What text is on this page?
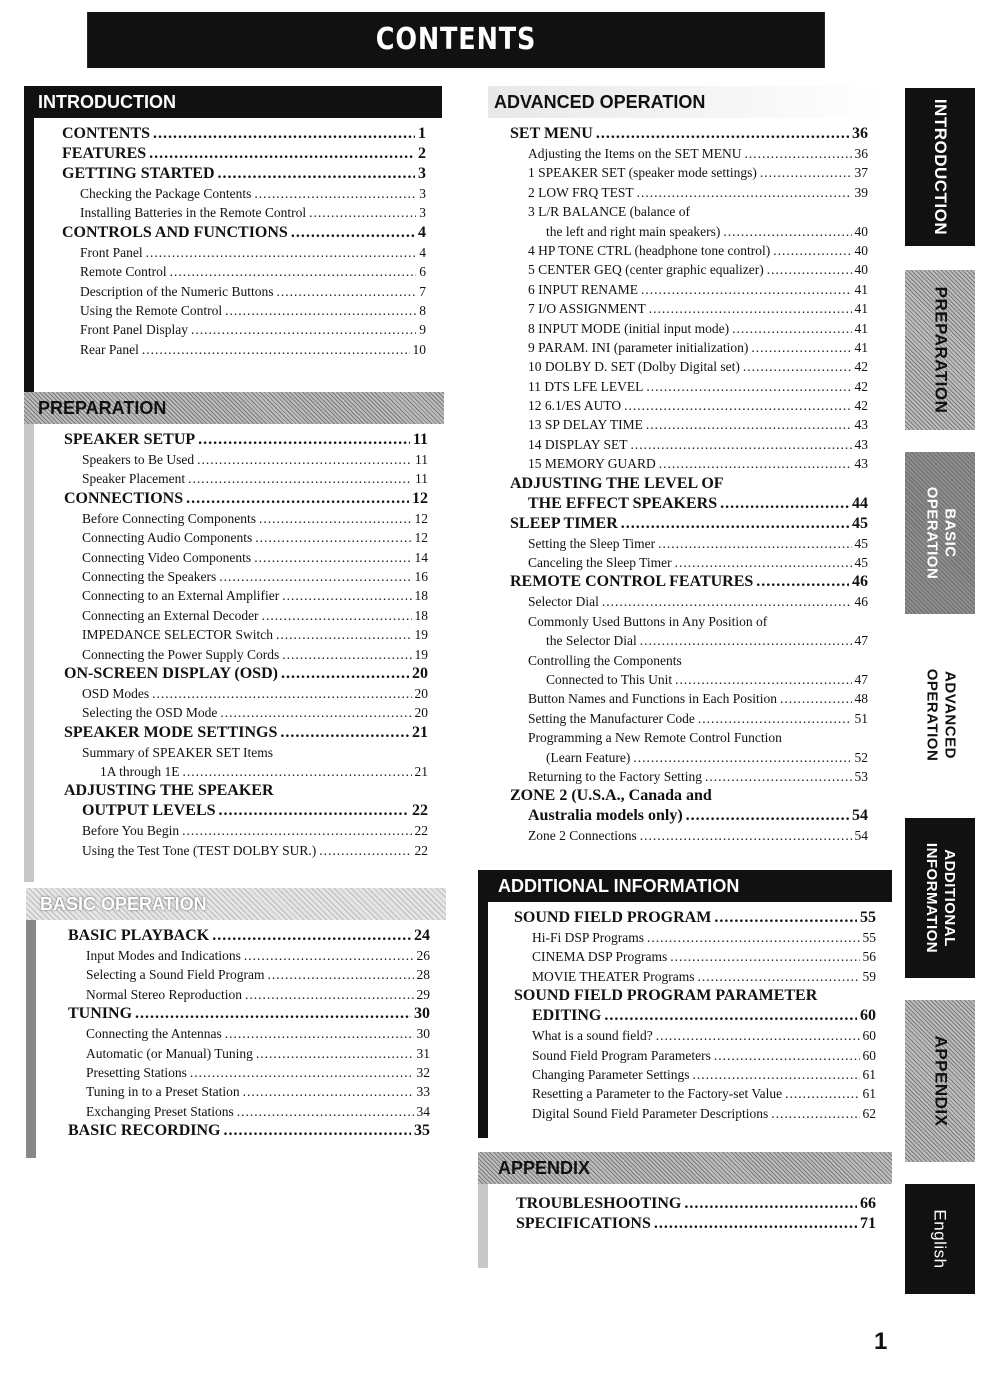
CONTENTS
INTRODUCTION
CONTENTS .....	1
FEATURES .....	2
GETTING STARTED .....	3
Checking the Package Contents .....	3
Installing Batteries in the Remote Control .....	3
CONTROLS AND FUNCTIONS .....	4
Front Panel .....	4
Remote Control .....	6
Description of the Numeric Buttons .....	7
Using the Remote Control .....	8
Front Panel Display .....	9
Rear Panel .....	10
PREPARATION
SPEAKER SETUP .....	11
Speakers to Be Used .....	11
Speaker Placement .....	11
CONNECTIONS .....	12
Before Connecting Components .....	12
Connecting Audio Components .....	12
Connecting Video Components .....	14
Connecting the Speakers .....	16
Connecting to an External Amplifier .....	18
Connecting an External Decoder .....	18
IMPEDANCE SELECTOR Switch .....	19
Connecting the Power Supply Cords .....	19
ON-SCREEN DISPLAY (OSD) .....	20
OSD Modes .....	20
Selecting the OSD Mode .....	20
SPEAKER MODE SETTINGS .....	21
Summary of SPEAKER SET Items
1A through 1E .....	21
ADJUSTING THE SPEAKER
OUTPUT LEVELS .....	22
Before You Begin .....	22
Using the Test Tone (TEST DOLBY SUR.) .....	22
BASIC OPERATION
BASIC PLAYBACK .....	24
Input Modes and Indications .....	26
Selecting a Sound Field Program .....	28
Normal Stereo Reproduction .....	29
TUNING .....	30
Connecting the Antennas .....	30
Automatic (or Manual) Tuning .....	31
Presetting Stations .....	32
Tuning in to a Preset Station .....	33
Exchanging Preset Stations .....	34
BASIC RECORDING .....	35
ADVANCED OPERATION
SET MENU .....	36
Adjusting the Items on the SET MENU .....	36
1 SPEAKER SET (speaker mode settings) .....	37
2 LOW FRQ TEST .....	39
3 L/R BALANCE (balance of
the left and right main speakers) .....	40
4 HP TONE CTRL (headphone tone control) .....	40
5 CENTER GEQ (center graphic equalizer) .....	40
6 INPUT RENAME .....	41
7 I/O ASSIGNMENT .....	41
8 INPUT MODE (initial input mode) .....	41
9 PARAM. INI (parameter initialization) .....	41
10 DOLBY D. SET (Dolby Digital set) .....	42
11 DTS LFE LEVEL .....	42
12 6.1/ES AUTO .....	42
13 SP DELAY TIME .....	43
14 DISPLAY SET .....	43
15 MEMORY GUARD .....	43
ADJUSTING THE LEVEL OF
THE EFFECT SPEAKERS .....	44
SLEEP TIMER .....	45
Setting the Sleep Timer .....	45
Canceling the Sleep Timer .....	45
REMOTE CONTROL FEATURES .....	46
Selector Dial .....	46
Commonly Used Buttons in Any Position of
the Selector Dial .....	47
Controlling the Components
Connected to This Unit .....	47
Button Names and Functions in Each Position .....	48
Setting the Manufacturer Code .....	51
Programming a New Remote Control Function
(Learn Feature) .....	52
Returning to the Factory Setting .....	53
ZONE 2 (U.S.A., Canada and
Australia models only) .....	54
Zone 2 Connections .....	54
ADDITIONAL INFORMATION
SOUND FIELD PROGRAM .....	55
Hi-Fi DSP Programs .....	55
CINEMA DSP Programs .....	56
MOVIE THEATER Programs .....	59
SOUND FIELD PROGRAM PARAMETER
EDITING .....	60
What is a sound field? .....	60
Sound Field Program Parameters .....	60
Changing Parameter Settings .....	61
Resetting a Parameter to the Factory-set Value .....	61
Digital Sound Field Parameter Descriptions .....	62
APPENDIX
TROUBLESHOOTING .....	66
SPECIFICATIONS .....	71
INTRODUCTION
PREPARATION
BASIC OPERATION
ADVANCED OPERATION
ADDITIONAL INFORMATION
APPENDIX
English
1
